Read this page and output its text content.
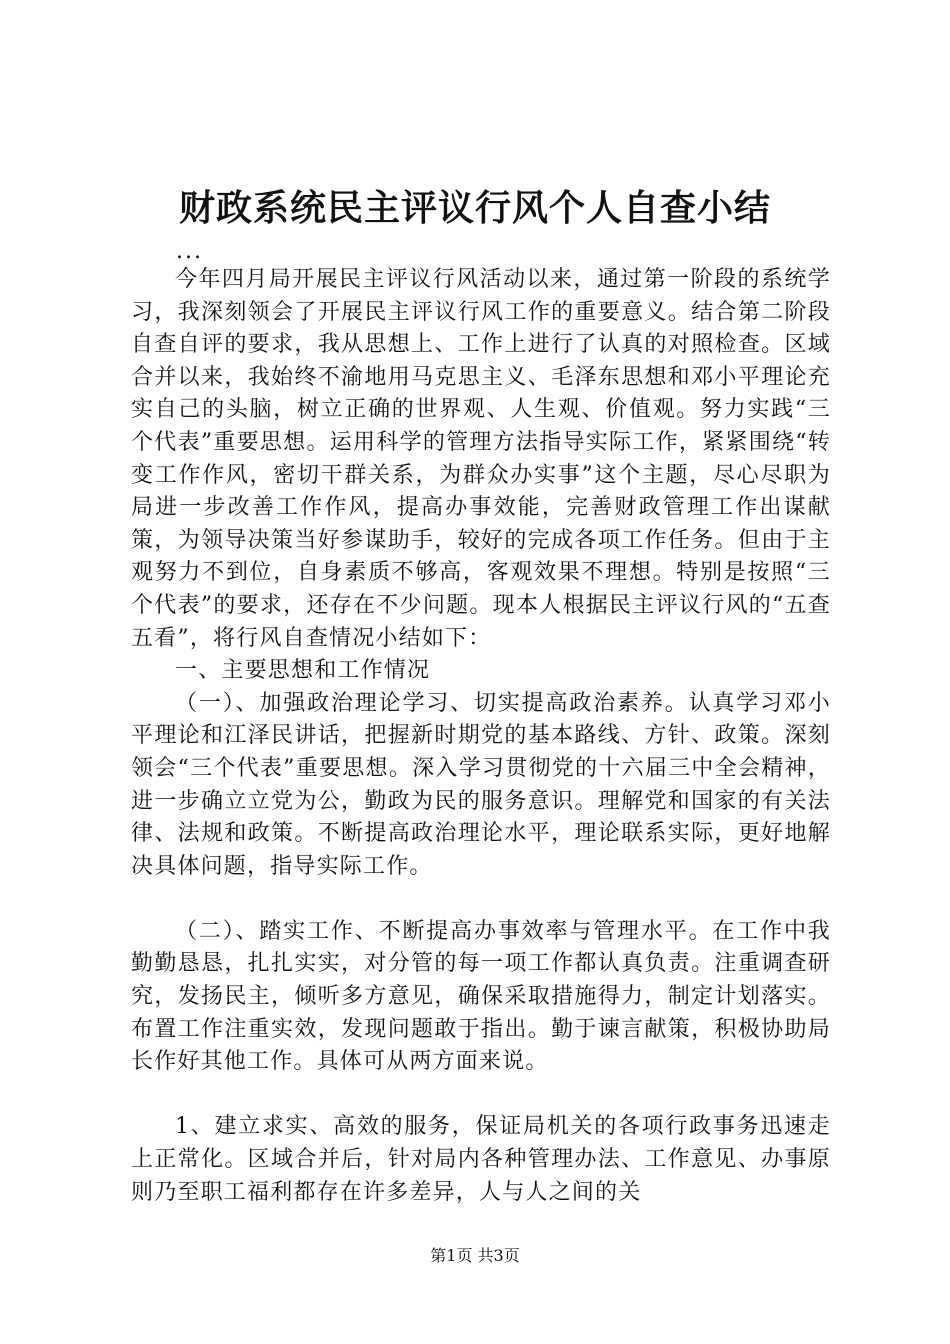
财政系统民主评议行风个人自查小结
...

今年四月局开展民主评议行风活动以来，通过第一阶段的系统学习，我深刻领会了开展民主评议行风工作的重要意义。结合第二阶段自查自评的要求，我从思想上、工作上进行了认真的对照检查。区域合并以来，我始终不渝地用马克思主义、毛泽东思想和邓小平理论充实自己的头脑，树立正确的世界观、人生观、价值观。努力实践“三个代表”重要思想。运用科学的管理方法指导实际工作，紧紧围绕“转变工作作风，密切干群关系，为群众办实事”这个主题，尽心尽职为局进一步改善工作作风，提高办事效能，完善财政管理工作出谋献策，为领导决策当好参谋助手，较好的完成各项工作任务。但由于主观努力不到位，自身素质不够高，客观效果不理想。特别是按照“三个代表”的要求，还存在不少问题。现本人根据民主评议行风的“五查五看”，将行风自查情况小结如下：

一、主要思想和工作情况

（一）、加强政治理论学习、切实提高政治素养。认真学习邓小平理论和江泽民讲话，把握新时期党的基本路线、方针、政策。深刻领会“三个代表”重要思想。深入学习贯彻党的十六届三中全会精神，进一步确立立党为公，勤政为民的服务意识。理解党和国家的有关法律、法规和政策。不断提高政治理论水平，理论联系实际，更好地解决具体问题，指导实际工作。

（二）、踏实工作、不断提高办事效率与管理水平。在工作中我勤勤恳恳，扎扎实实，对分管的每一项工作都认真负责。注重调查研究，发扬民主，倾听多方意见，确保采取措施得力，制定计划落实。布置工作注重实效，发现问题敢于指出。勤于谏言献策，积极协助局长作好其他工作。具体可从两方面来说。

1、建立求实、高效的服务，保证局机关的各项行政事务迅速走上正常化。区域合并后，针对局内各种管理办法、工作意见、办事原则乃至职工福利都存在许多差异，人与人之间的关

第1页 共3页
